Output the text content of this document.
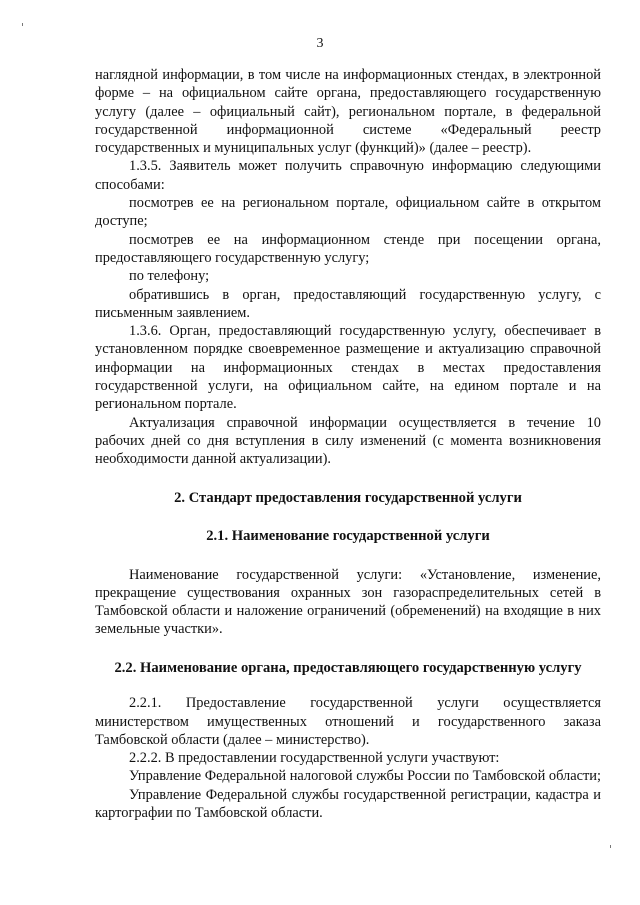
3

наглядной информации, в том числе на информационных стендах, в электронной форме – на официальном сайте органа, предоставляющего государственную услугу (далее – официальный сайт), региональном портале, в федеральной государственной информационной системе «Федеральный реестр государственных и муниципальных услуг (функций)» (далее – реестр).

1.3.5. Заявитель может получить справочную информацию следующими способами:

посмотрев ее на региональном портале, официальном сайте в открытом доступе;

посмотрев ее на информационном стенде при посещении органа, предоставляющего государственную услугу;

по телефону;

обратившись в орган, предоставляющий государственную услугу, с письменным заявлением.

1.3.6. Орган, предоставляющий государственную услугу, обеспечивает в установленном порядке своевременное размещение и актуализацию справочной информации на информационных стендах в местах предоставления государственной услуги, на официальном сайте, на едином портале и на региональном портале.

Актуализация справочной информации осуществляется в течение 10 рабочих дней со дня вступления в силу изменений (с момента возникновения необходимости данной актуализации).

2. Стандарт предоставления государственной услуги

2.1. Наименование государственной услуги

Наименование государственной услуги: «Установление, изменение, прекращение существования охранных зон газораспределительных сетей в Тамбовской области и наложение ограничений (обременений) на входящие в них земельные участки».

2.2. Наименование органа, предоставляющего государственную услугу

2.2.1. Предоставление государственной услуги осуществляется министерством имущественных отношений и государственного заказа Тамбовской области (далее – министерство).

2.2.2. В предоставлении государственной услуги участвуют:

Управление Федеральной налоговой службы России по Тамбовской области;

Управление Федеральной службы государственной регистрации, кадастра и картографии по Тамбовской области.
